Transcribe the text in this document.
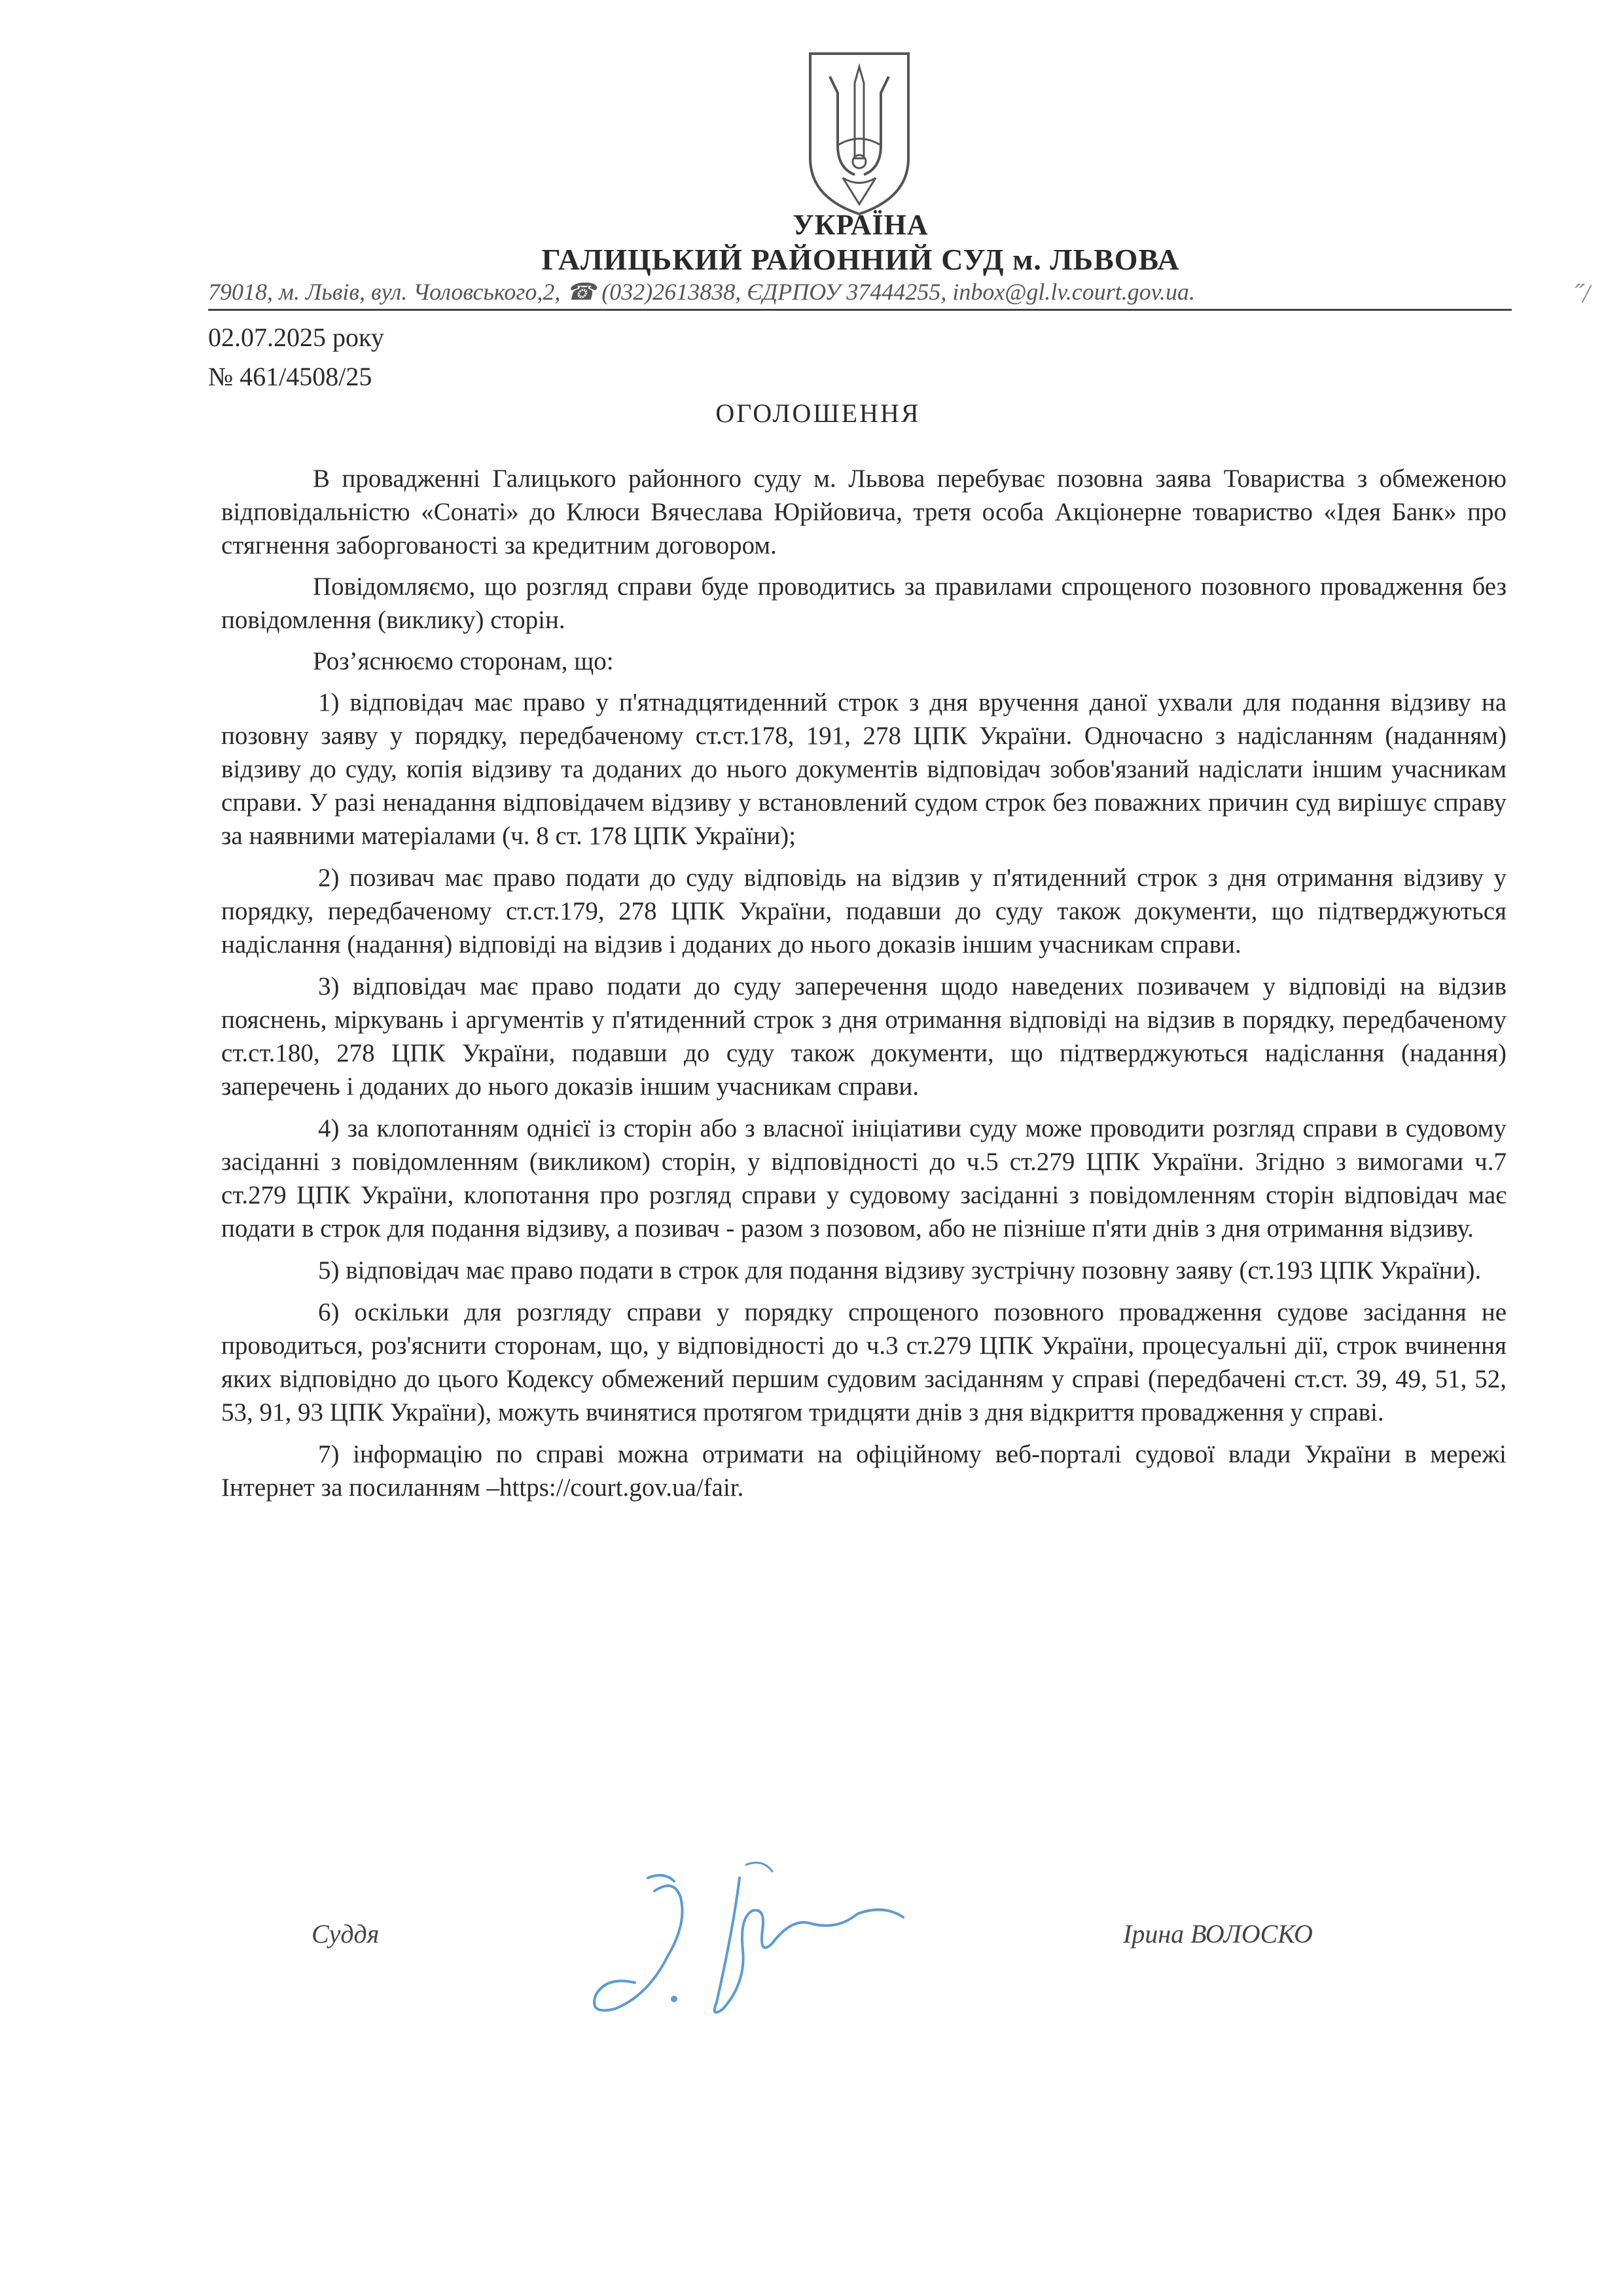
УКРАЇНА
ГАЛИЦЬКИЙ РАЙОННИЙ СУД м. ЛЬВОВА
79018, м. Львів, вул. Чоловського,2, ☎ (032)2613838, ЄДРПОУ 37444255, inbox@gl.lv.court.gov.ua.	˝/
02.07.2025 року
№ 461/4508/25
ОГОЛОШЕННЯ

В провадженні Галицького районного суду м. Львова перебуває позовна заява Товариства з обмеженою відповідальністю «Сонаті» до Клюси Вячеслава Юрійовича, третя особа Акціонерне товариство «Ідея Банк» про стягнення заборгованості за кредитним договором.

Повідомляємо, що розгляд справи буде проводитись за правилами спрощеного позовного провадження без повідомлення (виклику) сторін.

Роз’яснюємо сторонам, що:

1) відповідач має право у п'ятнадцятиденний строк з дня вручення даної ухвали для подання відзиву на позовну заяву у порядку, передбаченому ст.ст.178, 191, 278 ЦПК України. Одночасно з надісланням (наданням) відзиву до суду, копія відзиву та доданих до нього документів відповідач зобов'язаний надіслати іншим учасникам справи. У разі ненадання відповідачем відзиву у встановлений судом строк без поважних причин суд вирішує справу за наявними матеріалами (ч. 8 ст. 178 ЦПК України);

2) позивач має право подати до суду відповідь на відзив у п'ятиденний строк з дня отримання відзиву у порядку, передбаченому ст.ст.179, 278 ЦПК України, подавши до суду також документи, що підтверджуються надіслання (надання) відповіді на відзив і доданих до нього доказів іншим учасникам справи.

3) відповідач має право подати до суду заперечення щодо наведених позивачем у відповіді на відзив пояснень, міркувань і аргументів у п'ятиденний строк з дня отримання відповіді на відзив в порядку, передбаченому ст.ст.180, 278 ЦПК України, подавши до суду також документи, що підтверджуються надіслання (надання) заперечень і доданих до нього доказів іншим учасникам справи.

4) за клопотанням однієї із сторін або з власної ініціативи суду може проводити розгляд справи в судовому засіданні з повідомленням (викликом) сторін, у відповідності до ч.5 ст.279 ЦПК України. Згідно з вимогами ч.7 ст.279 ЦПК України, клопотання про розгляд справи у судовому засіданні з повідомленням сторін відповідач має подати в строк для подання відзиву, а позивач - разом з позовом, або не пізніше п'яти днів з дня отримання відзиву.

5) відповідач має право подати в строк для подання відзиву зустрічну позовну заяву (ст.193 ЦПК України).

6) оскільки для розгляду справи у порядку спрощеного позовного провадження судове засідання не проводиться, роз'яснити сторонам, що, у відповідності до ч.3 ст.279 ЦПК України, процесуальні дії, строк вчинення яких відповідно до цього Кодексу обмежений першим судовим засіданням у справі (передбачені ст.ст. 39, 49, 51, 52, 53, 91, 93 ЦПК України), можуть вчинятися протягом тридцяти днів з дня відкриття провадження у справі.

7) інформацію по справі можна отримати на офіційному веб-порталі судової влади України в мережі Інтернет за посиланням –https://court.gov.ua/fair.

Суддя	Ірина ВОЛОСКО
